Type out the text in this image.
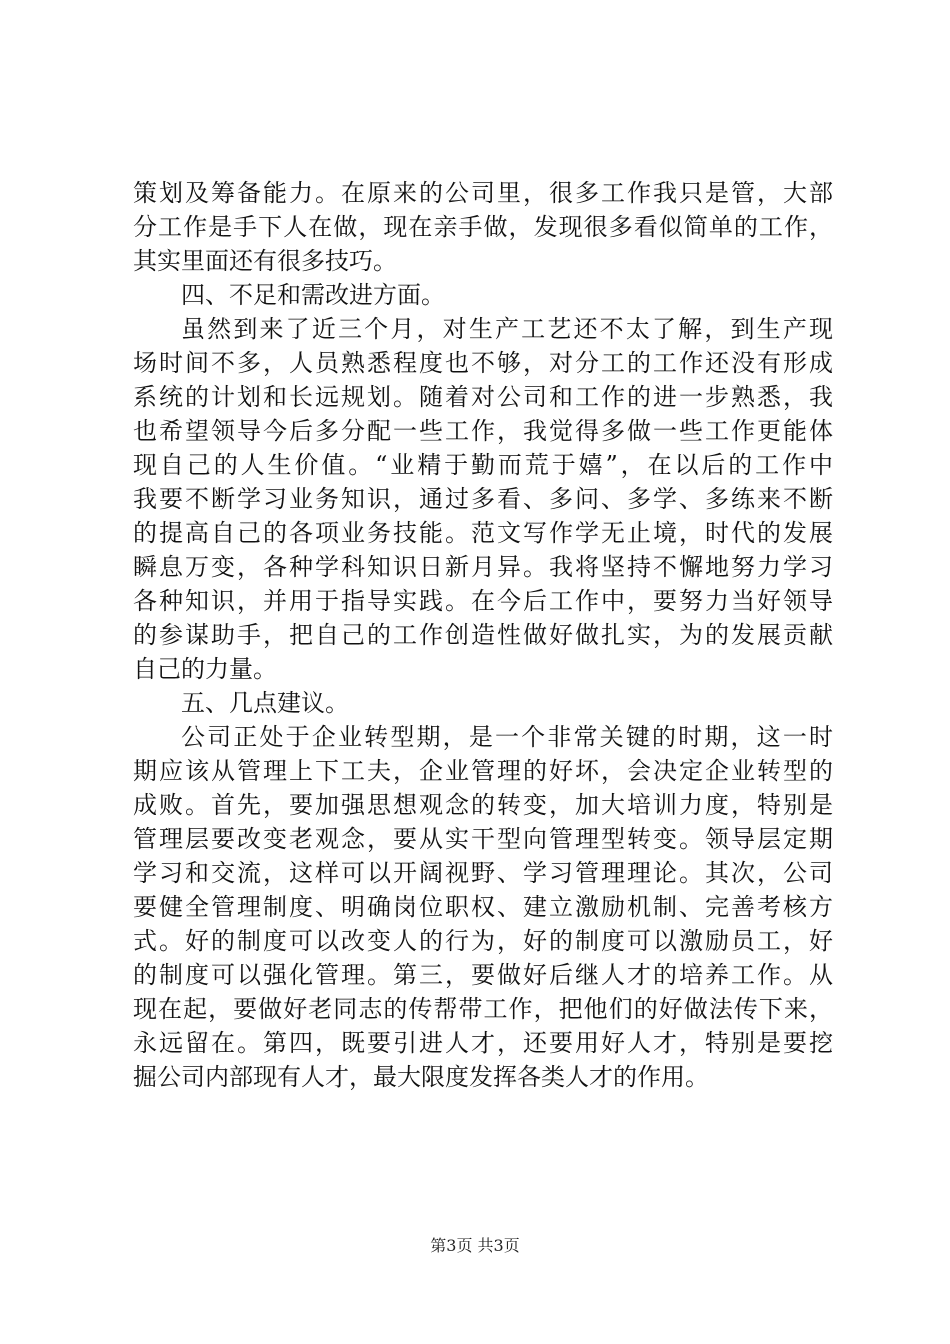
策划及筹备能力。在原来的公司里，很多工作我只是管，大部
分工作是手下人在做，现在亲手做，发现很多看似简单的工作，
其实里面还有很多技巧。
四、不足和需改进方面。
虽然到来了近三个月，对生产工艺还不太了解，到生产现
场时间不多，人员熟悉程度也不够，对分工的工作还没有形成
系统的计划和长远规划。随着对公司和工作的进一步熟悉，我
也希望领导今后多分配一些工作，我觉得多做一些工作更能体
现自己的人生价值。“业精于勤而荒于嬉”，在以后的工作中
我要不断学习业务知识，通过多看、多问、多学、多练来不断
的提高自己的各项业务技能。范文写作学无止境，时代的发展
瞬息万变，各种学科知识日新月异。我将坚持不懈地努力学习
各种知识，并用于指导实践。在今后工作中，要努力当好领导
的参谋助手，把自己的工作创造性做好做扎实，为的发展贡献
自己的力量。
五、几点建议。
公司正处于企业转型期，是一个非常关键的时期，这一时
期应该从管理上下工夫，企业管理的好坏，会决定企业转型的
成败。首先，要加强思想观念的转变，加大培训力度，特别是
管理层要改变老观念，要从实干型向管理型转变。领导层定期
学习和交流，这样可以开阔视野、学习管理理论。其次，公司
要健全管理制度、明确岗位职权、建立激励机制、完善考核方
式。好的制度可以改变人的行为，好的制度可以激励员工，好
的制度可以强化管理。第三，要做好后继人才的培养工作。从
现在起，要做好老同志的传帮带工作，把他们的好做法传下来，
永远留在。第四，既要引进人才，还要用好人才，特别是要挖
掘公司内部现有人才，最大限度发挥各类人才的作用。
第3页 共3页
